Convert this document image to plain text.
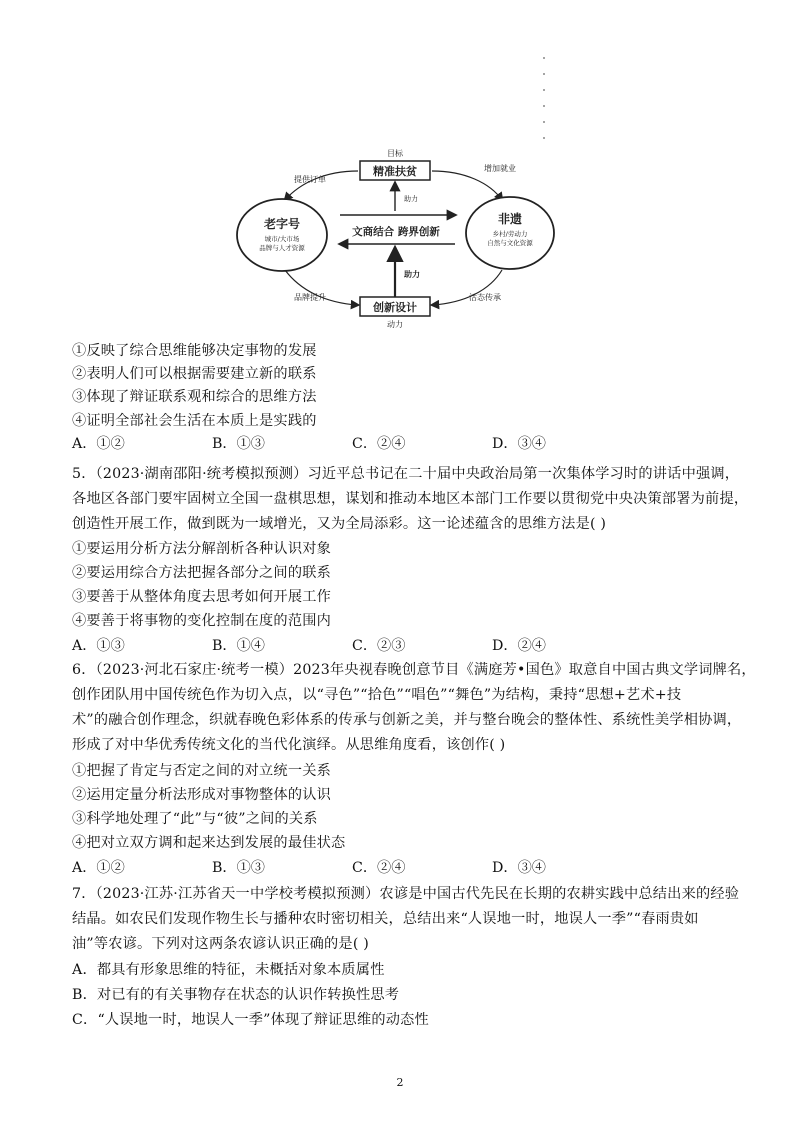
目标
精准扶贫	增加就业
提供订单
老字号
城市/大市场
品牌与人才资源
非遗
乡村/劳动力
自然与文化资源
文商结合 跨界创新
助力
助力
创新设计
动力
品牌提升	活态传承
①反映了综合思维能够决定事物的发展
②表明人们可以根据需要建立新的联系
③体现了辩证联系观和综合的思维方法
④证明全部社会生活在本质上是实践的
A．①②	B．①③	C．②④	D．③④
5．（2023·湖南邵阳·统考模拟预测）习近平总书记在二十届中央政治局第一次集体学习时的讲话中强调，
各地区各部门要牢固树立全国一盘棋思想，谋划和推动本地区本部门工作要以贯彻党中央决策部署为前提，
创造性开展工作，做到既为一域增光，又为全局添彩。这一论述蕴含的思维方法是( )
①要运用分析方法分解剖析各种认识对象
②要运用综合方法把握各部分之间的联系
③要善于从整体角度去思考如何开展工作
④要善于将事物的变化控制在度的范围内
A．①③	B．①④	C．②③	D．②④
6．（2023·河北石家庄·统考一模）2023年央视春晚创意节目《满庭芳•国色》取意自中国古典文学词牌名，
创作团队用中国传统色作为切入点，以“寻色”“拾色”“唱色”“舞色”为结构，秉持“思想+艺术+技
术”的融合创作理念，织就春晚色彩体系的传承与创新之美，并与整台晚会的整体性、系统性美学相协调，
形成了对中华优秀传统文化的当代化演绎。从思维角度看，该创作( )
①把握了肯定与否定之间的对立统一关系
②运用定量分析法形成对事物整体的认识
③科学地处理了“此”与“彼”之间的关系
④把对立双方调和起来达到发展的最佳状态
A．①②	B．①③	C．②④	D．③④
7．（2023·江苏·江苏省天一中学校考模拟预测）农谚是中国古代先民在长期的农耕实践中总结出来的经验
结晶。如农民们发现作物生长与播种农时密切相关，总结出来“人误地一时，地误人一季”“春雨贵如
油”等农谚。下列对这两条农谚认识正确的是( )
A．都具有形象思维的特征，未概括对象本质属性
B．对已有的有关事物存在状态的认识作转换性思考
C．“人误地一时，地误人一季”体现了辩证思维的动态性
2
